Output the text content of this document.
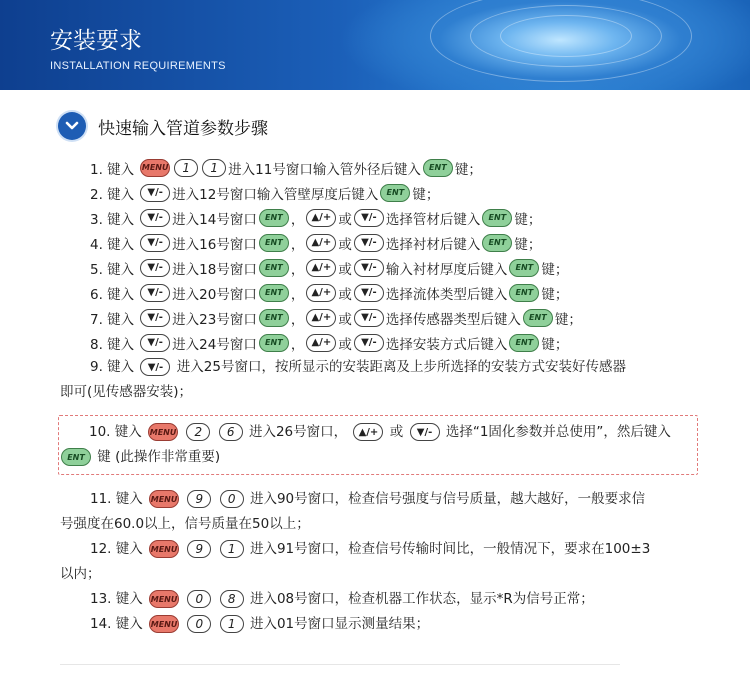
安装要求
INSTALLATION REQUIREMENTS
快速输入管道参数步骤
1. 键入 MENU	1	1 进入11号窗口输入管外径后键入	ENT 键；
2. 键入	▼/- 进入12号窗口输入管壁厚度后键入	ENT 键；
3. 键入	▼/- 进入14号窗口	ENT ， ▲/+ 或 ▼/- 选择管材后键入	ENT 键；
4. 键入	▼/- 进入16号窗口	ENT ， ▲/+ 或 ▼/- 选择衬材后键入	ENT 键；
5. 键入	▼/- 进入18号窗口	ENT ， ▲/+ 或 ▼/- 输入衬材厚度后键入	ENT 键；
6. 键入	▼/- 进入20号窗口	ENT ， ▲/+ 或 ▼/- 选择流体类型后键入	ENT 键；
7. 键入	▼/- 进入23号窗口	ENT ， ▲/+ 或 ▼/- 选择传感器类型后键入	ENT 键；
8. 键入	▼/- 进入24号窗口	ENT ， ▲/+ 或 ▼/- 选择安装方式后键入	ENT 键；
9. 键入 ▼/- 进入25号窗口，按所显示的安装距离及上步所选择的安装方式安装好传感器
即可(见传感器安装)；
10. 键入 MENU 2 6 进入26号窗口， ▲/+ 或 ▼/- 选择“1固化参数并总使用”，然后键入
ENT 键 (此操作非常重要)
11. 键入 MENU 9 0 进入90号窗口，检查信号强度与信号质量，越大越好，一般要求信
号强度在60.0以上，信号质量在50以上；
12. 键入 MENU 9 1 进入91号窗口，检查信号传输时间比，一般情况下，要求在100±3
以内；
13. 键入 MENU 0 8 进入08号窗口，检查机器工作状态，显示*R为信号正常；
14. 键入 MENU 0 1 进入01号窗口显示测量结果；
